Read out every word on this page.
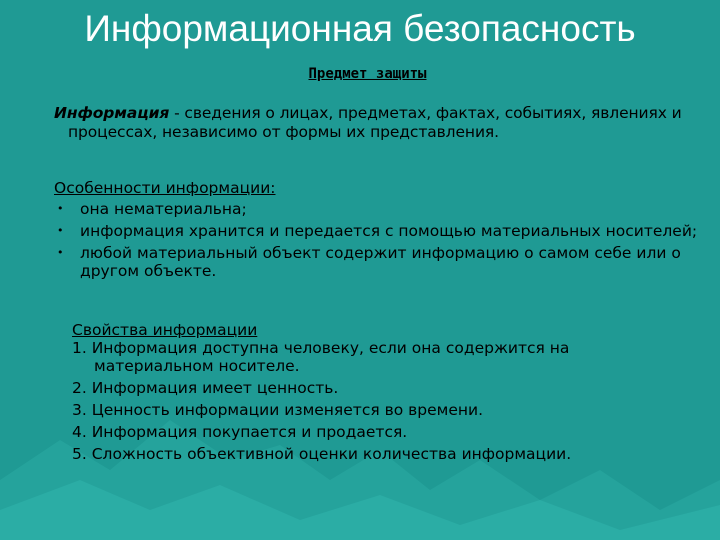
Информационная безопасность
Предмет защиты
Информация - сведения о лицах, предметах, фактах, событиях, явлениях и процессах, независимо от формы их представления.
Особенности информации:
• она нематериальна;
• информация хранится и передается с помощью материальных носителей;
• любой материальный объект содержит информацию о самом себе или о другом объекте.
Свойства информации
1. Информация доступна человеку, если она содержится на материальном носителе.
2. Информация имеет ценность.
3. Ценность информации изменяется во времени.
4. Информация покупается и продается.
5. Сложность объективной оценки количества информации.
